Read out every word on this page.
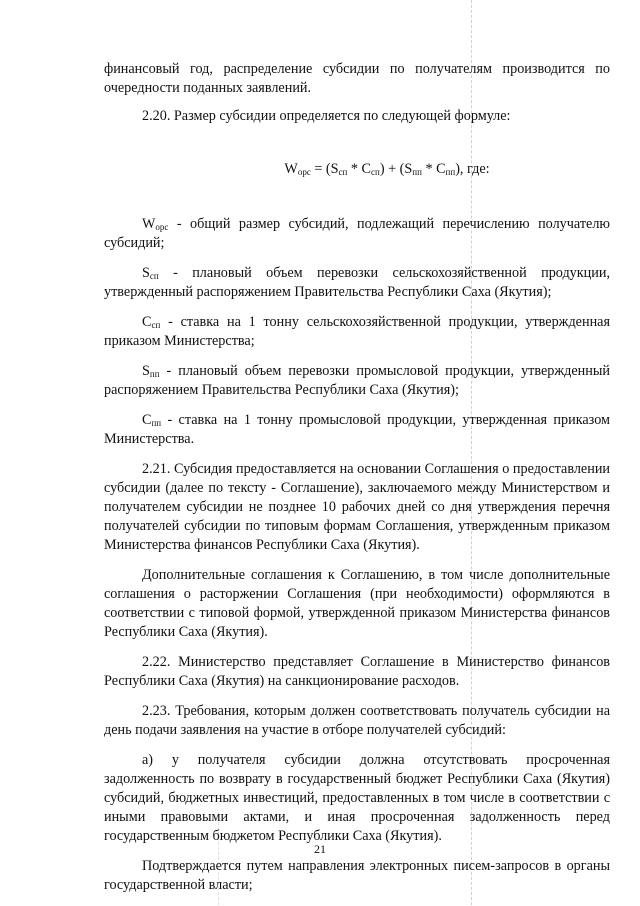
финансовый год, распределение субсидии по получателям производится по очередности поданных заявлений.

2.20. Размер субсидии определяется по следующей формуле:

$W_{орс} = (S_{сп} * C_{сп}) + (S_{пп} * C_{пп})$, где:

$W_{орс}$ - общий размер субсидий, подлежащий перечислению получателю субсидий;

$S_{сп}$ - плановый объем перевозки сельскохозяйственной продукции, утвержденный распоряжением Правительства Республики Саха (Якутия);

$C_{сп}$ - ставка на 1 тонну сельскохозяйственной продукции, утвержденная приказом Министерства;

$S_{пп}$ - плановый объем перевозки промысловой продукции, утвержденный распоряжением Правительства Республики Саха (Якутия);

$C_{пп}$ - ставка на 1 тонну промысловой продукции, утвержденная приказом Министерства.

2.21. Субсидия предоставляется на основании Соглашения о предоставлении субсидии (далее по тексту - Соглашение), заключаемого между Министерством и получателем субсидии не позднее 10 рабочих дней со дня утверждения перечня получателей субсидии по типовым формам Соглашения, утвержденным приказом Министерства финансов Республики Саха (Якутия).

Дополнительные соглашения к Соглашению, в том числе дополнительные соглашения о расторжении Соглашения (при необходимости) оформляются в соответствии с типовой формой, утвержденной приказом Министерства финансов Республики Саха (Якутия).

2.22. Министерство представляет Соглашение в Министерство финансов Республики Саха (Якутия) на санкционирование расходов.

2.23. Требования, которым должен соответствовать получатель субсидии на день подачи заявления на участие в отборе получателей субсидий:

а) у получателя субсидии должна отсутствовать просроченная задолженность по возврату в государственный бюджет Республики Саха (Якутия) субсидий, бюджетных инвестиций, предоставленных в том числе в соответствии с иными правовыми актами, и иная просроченная задолженность перед государственным бюджетом Республики Саха (Якутия).

Подтверждается путем направления электронных писем-запросов в органы государственной власти;

21
